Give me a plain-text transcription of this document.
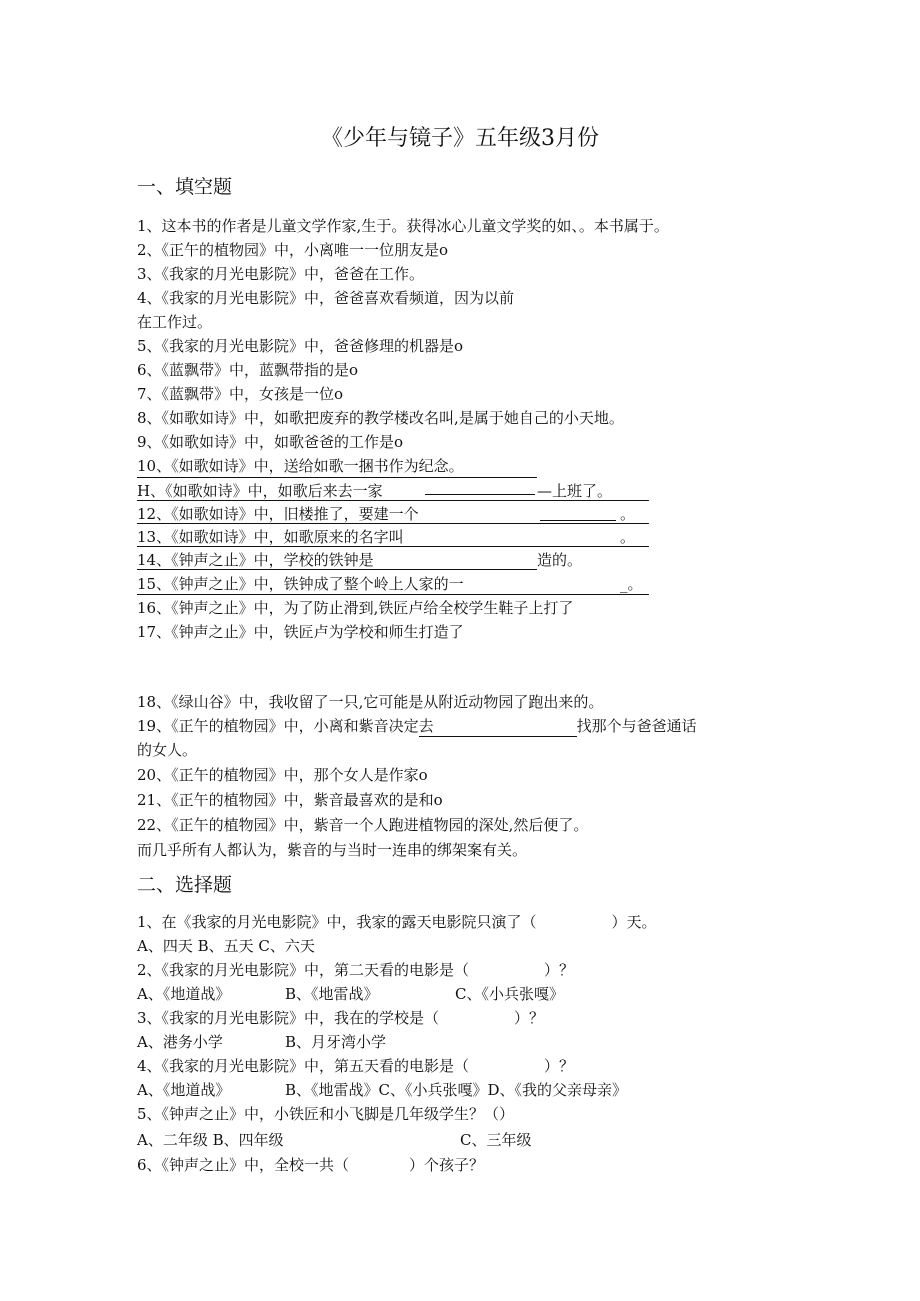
《少年与镜子》五年级3月份
一、填空题
1、这本书的作者是儿童文学作家,生于。获得冰心儿童文学奖的如、。本书属于。
2、《正午的植物园》中，小离唯一一位朋友是o
3、《我家的月光电影院》中，爸爸在工作。
4、《我家的月光电影院》中，爸爸喜欢看频道，因为以前
在工作过。
5、《我家的月光电影院》中，爸爸修理的机器是o
6、《蓝飘带》中，蓝飘带指的是o
7、《蓝飘带》中，女孩是一位o
8、《如歌如诗》中，如歌把废弃的教学楼改名叫,是属于她自己的小天地。
9、《如歌如诗》中，如歌爸爸的工作是o
10、《如歌如诗》中，送给如歌一捆书作为纪念。
H、《如歌如诗》中，如歌后来去一家	—上班了。
12、《如歌如诗》中，旧楼推了，要建一个	。
13、《如歌如诗》中，如歌原来的名字叫	。
14、《钟声之止》中，学校的铁钟是	造的。
15、《钟声之止》中，铁钟成了整个岭上人家的一	_。
16、《钟声之止》中，为了防止滑到,铁匠卢给全校学生鞋子上打了
17、《钟声之止》中，铁匠卢为学校和师生打造了
18、《绿山谷》中，我收留了一只,它可能是从附近动物园了跑出来的。
19、《正午的植物园》中，小离和紫音决定去	找那个与爸爸通话
的女人。
20、《正午的植物园》中，那个女人是作家o
21、《正午的植物园》中，紫音最喜欢的是和o
22、《正午的植物园》中，紫音一个人跑进植物园的深处,然后便了。
而几乎所有人都认为，紫音的与当时一连串的绑架案有关。
二、选择题
1、在《我家的月光电影院》中，我家的露天电影院只演了（　　　　　）天。
A、四天 B、五天 C、六天
2、《我家的月光电影院》中，第二天看的电影是（　　　　　）？
A、《地道战》	B、《地雷战》	C、《小兵张嘎》
3、《我家的月光电影院》中，我在的学校是（　　　　　）？
A、港务小学	B、月牙湾小学
4、《我家的月光电影院》中，第五天看的电影是（　　　　　）？
A、《地道战》	B、《地雷战》C、《小兵张嘎》D、《我的父亲母亲》
5、《钟声之止》中，小铁匠和小飞脚是几年级学生？（）
A、二年级 B、四年级	C、三年级
6、《钟声之止》中，全校一共（　　　　）个孩子？
